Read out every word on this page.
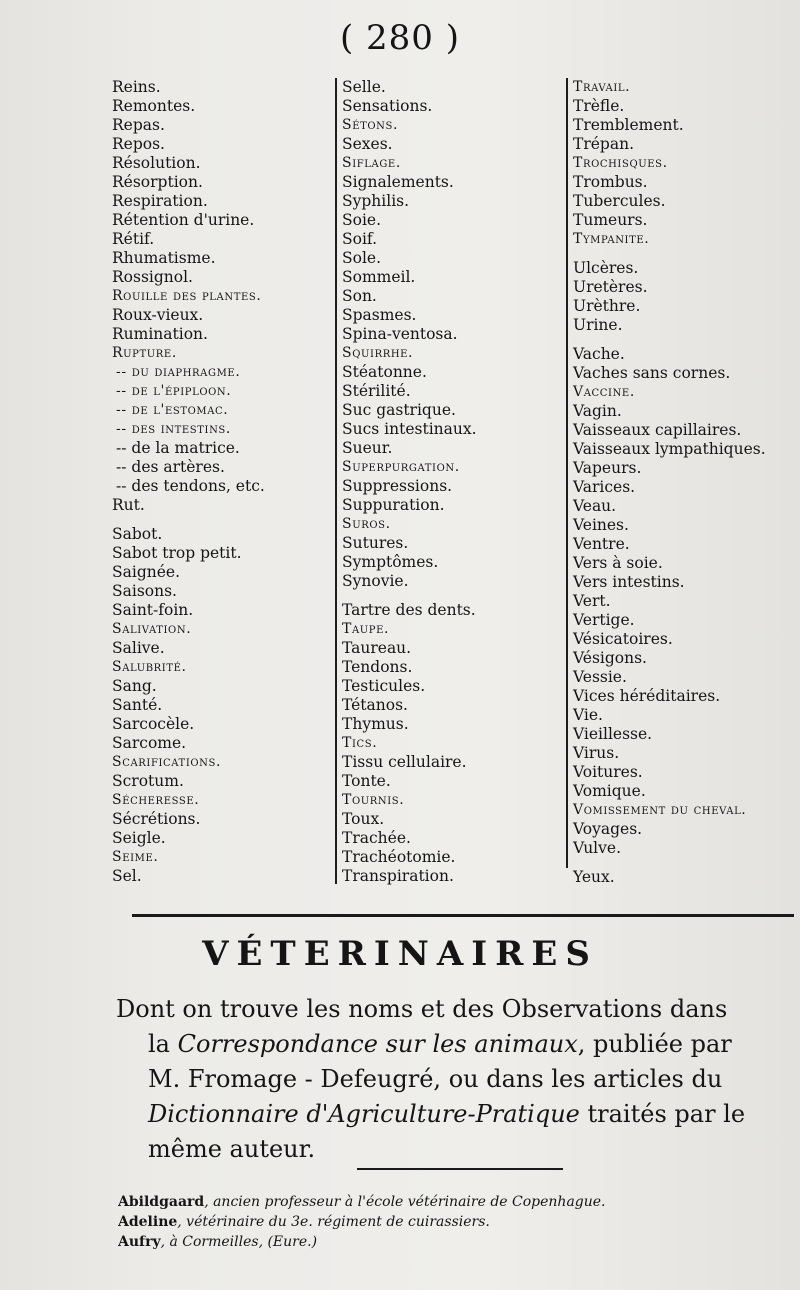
( 280 )
Reins.
Remontes.
Repas.
Repos.
Résolution.
Résorption.
Respiration.
Rétention d'urine.
Rétif.
Rhumatisme.
Rossignol.
Rouille des plantes.
Roux-vieux.
Rumination.
Rupture.
-- du diaphragme.
-- de l'épiploon.
-- de l'estomac.
-- des intestins.
-- de la matrice.
-- des artères.
-- des tendons, etc.
Rut.
Sabot.
Sabot trop petit.
Saignée.
Saisons.
Saint-foin.
Salivation.
Salive.
Salubrité.
Sang.
Santé.
Sarcocèle.
Sarcome.
Scarifications.
Scrotum.
Sécheresse.
Sécrétions.
Seigle.
Seime.
Sel.
Selle.
Sensations.
Sétons.
Sexes.
Siflage.
Signalements.
Syphilis.
Soie.
Soif.
Sole.
Sommeil.
Son.
Spasmes.
Spina-ventosa.
Squirrhe.
Stéatonne.
Stérilité.
Suc gastrique.
Sucs intestinaux.
Sueur.
Superpurgation.
Suppressions.
Suppuration.
Suros.
Sutures.
Symptômes.
Synovie.
Tartre des dents.
Taupe.
Taureau.
Tendons.
Testicules.
Tétanos.
Thymus.
Tics.
Tissu cellulaire.
Tonte.
Tournis.
Toux.
Trachée.
Trachéotomie.
Transpiration.
Travail.
Trèfle.
Tremblement.
Trépan.
Trochisques.
Trombus.
Tubercules.
Tumeurs.
Tympanite.
Ulcères.
Uretères.
Urèthre.
Urine.
Vache.
Vaches sans cornes.
Vaccine.
Vagin.
Vaisseaux capillaires.
Vaisseaux lympathiques.
Vapeurs.
Varices.
Veau.
Veines.
Ventre.
Vers à soie.
Vers intestins.
Vert.
Vertige.
Vésicatoires.
Vésigons.
Vessie.
Vices héréditaires.
Vie.
Vieillesse.
Virus.
Voitures.
Vomique.
Vomissement du cheval.
Voyages.
Vulve.
Yeux.
VÉTERINAIRES

Dont on trouve les noms et des Observations dans

la Correspondance sur les animaux, publiée par

M. Fromage - Defeugré, ou dans les articles du

Dictionnaire d'Agriculture-Pratique traités par le

même auteur.

Abildgaard, ancien professeur à l'école vétérinaire de Copenhague.
Adeline, vétérinaire du 3e. régiment de cuirassiers.
Aufry, à Cormeilles, (Eure.)
